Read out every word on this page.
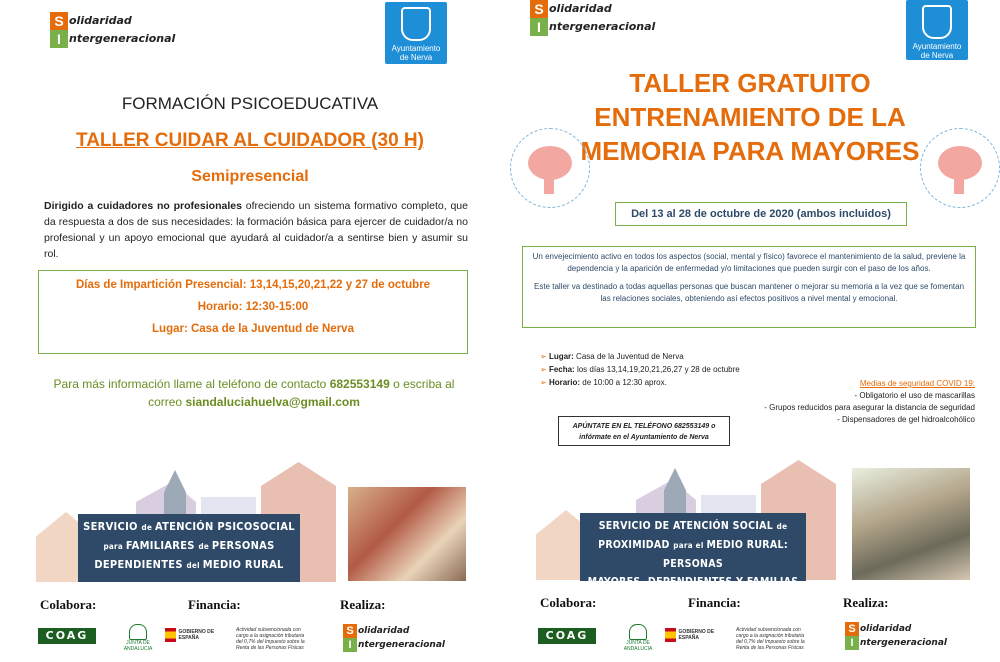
S olidaridad
I ntergeneracional
Ayuntamiento
de Nerva
FORMACIÓN PSICOEDUCATIVA
TALLER CUIDAR AL CUIDADOR (30 H)
Semipresencial
Dirigido a cuidadores no profesionales ofreciendo un sistema formativo completo, que da respuesta a dos de sus necesidades: la formación básica para ejercer de cuidador/a no profesional y un apoyo emocional que ayudará al cuidador/a a sentirse bien y asumir su rol.
Días de Impartición Presencial: 13,14,15,20,21,22 y 27 de octubre
Horario: 12:30-15:00
Lugar: Casa de la Juventud de Nerva
Para más información llame al teléfono de contacto 682553149 o escriba al correo siandaluciahuelva@gmail.com
SERVICIO de ATENCIÓN PSICOSOCIAL
para FAMILIARES de PERSONAS
DEPENDIENTES del MEDIO RURAL
Colabora:	Financia:	Realiza:
COAG
JUNTA DE ANDALUCIA
GOBIERNO DE ESPAÑA
Actividad subvencionada con cargo a la asignación tributaria del 0,7% del Impuesto sobre la Renta de las Personas Físicas
S olidaridad
I ntergeneracional
S olidaridad
I ntergeneracional
Ayuntamiento
de Nerva
TALLER GRATUITO
ENTRENAMIENTO DE LA
MEMORIA PARA MAYORES
Del 13 al 28 de octubre de 2020 (ambos incluidos)
Un envejecimiento activo en todos los aspectos (social, mental y físico) favorece el mantenimiento de la salud, previene la dependencia y la aparición de enfermedad y/o limitaciones que pueden surgir con el paso de los años.
Este taller va destinado a todas aquellas personas que buscan mantener o mejorar su memoria a la vez que se fomentan las relaciones sociales, obteniendo así efectos positivos a nivel mental y emocional.
➢ Lugar: Casa de la Juventud de Nerva
➢ Fecha: los días 13,14,19,20,21,26,27 y 28 de octubre
➢ Horario: de 10:00 a 12:30 aprox.	Medias de seguridad COVID 19:
- Obligatorio el uso de mascarillas
- Grupos reducidos para asegurar la distancia de seguridad
- Dispensadores de gel hidroalcohólico
APÚNTATE EN EL TELÉFONO 682553149 o
infórmate en el Ayuntamiento de Nerva
SERVICIO DE ATENCIÓN SOCIAL de
PROXIMIDAD para el MEDIO RURAL: PERSONAS
MAYORES, DEPENDIENTES Y FAMILIAS
Colabora:	Financia:	Realiza:
COAG
JUNTA DE ANDALUCIA
GOBIERNO DE ESPAÑA
Actividad subvencionada con cargo a la asignación tributaria del 0,7% del Impuesto sobre la Renta de las Personas Físicas
S olidaridad
I ntergeneracional
